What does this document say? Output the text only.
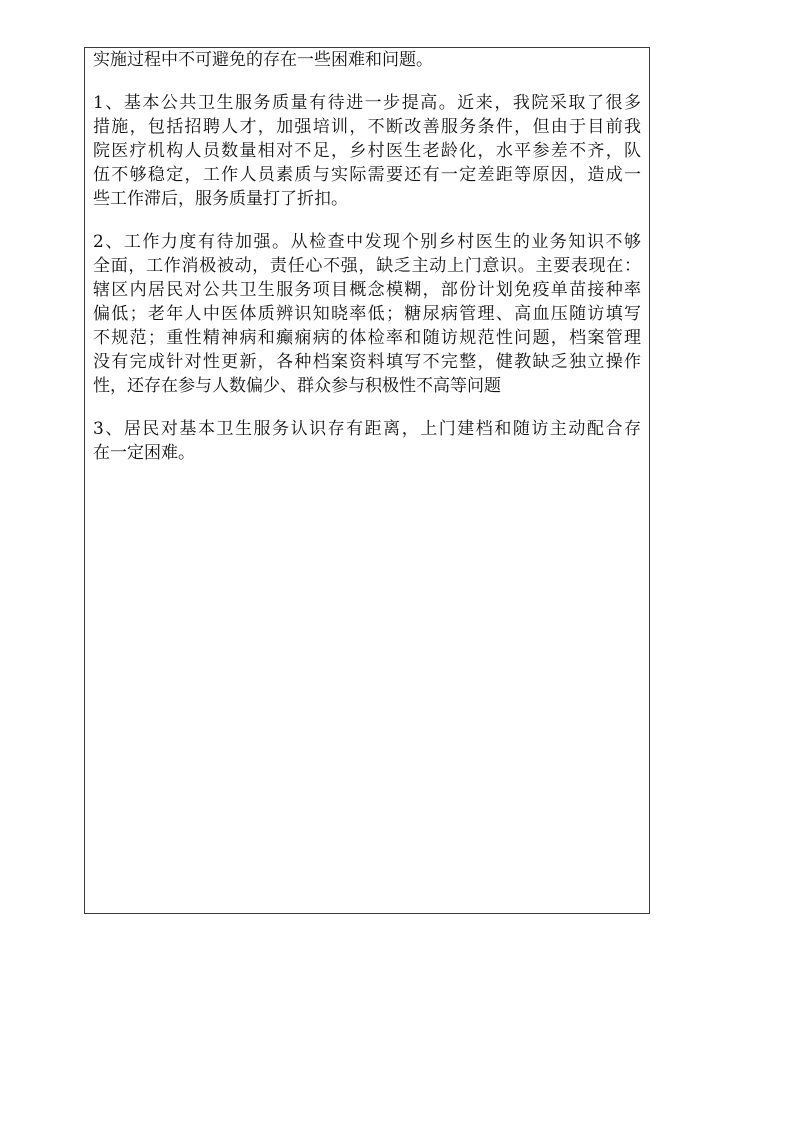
实施过程中不可避免的存在一些困难和问题。
1、基本公共卫生服务质量有待进一步提高。近来，我院采取了很多
措施，包括招聘人才，加强培训，不断改善服务条件，但由于目前我
院医疗机构人员数量相对不足，乡村医生老龄化，水平参差不齐，队
伍不够稳定，工作人员素质与实际需要还有一定差距等原因，造成一
些工作滞后，服务质量打了折扣。
2、工作力度有待加强。从检查中发现个别乡村医生的业务知识不够
全面，工作消极被动，责任心不强，缺乏主动上门意识。主要表现在：
辖区内居民对公共卫生服务项目概念模糊，部份计划免疫单苗接种率
偏低；老年人中医体质辨识知晓率低；糖尿病管理、高血压随访填写
不规范；重性精神病和癫痫病的体检率和随访规范性问题，档案管理
没有完成针对性更新，各种档案资料填写不完整，健教缺乏独立操作
性，还存在参与人数偏少、群众参与积极性不高等问题
3、居民对基本卫生服务认识存有距离，上门建档和随访主动配合存
在一定困难。
